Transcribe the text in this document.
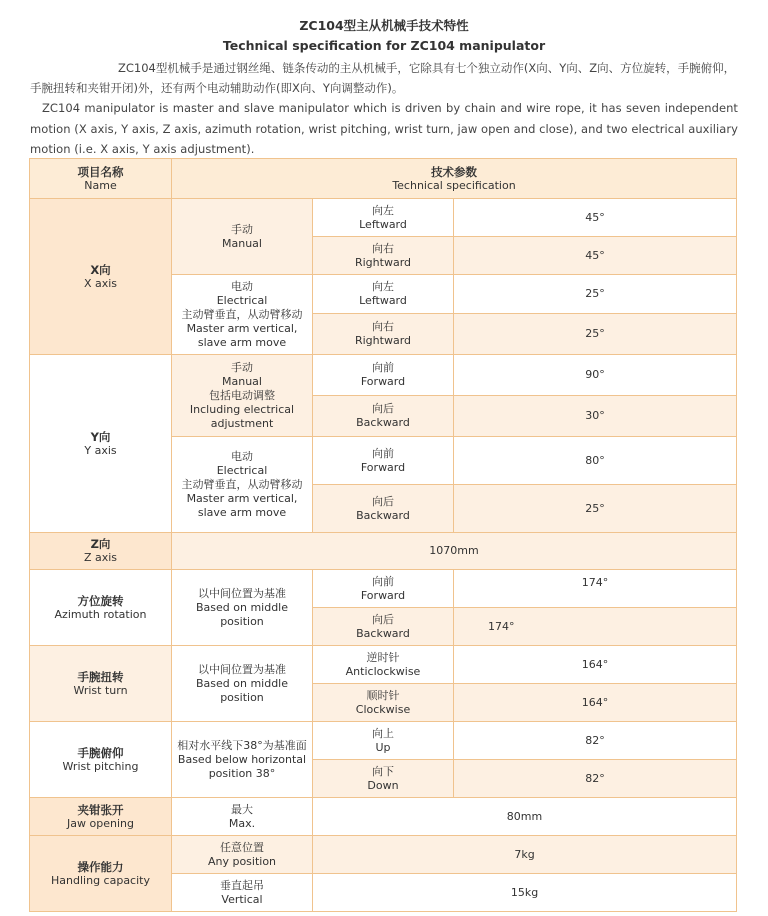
ZC104型主从机械手技术特性
Technical specification for ZC104 manipulator
ZC104型机械手是通过钢丝绳、链条传动的主从机械手，它除具有七个独立动作(X向、Y向、Z向、方位旋转，手腕俯仰，手腕扭转和夹钳开闭)外，还有两个电动辅助动作(即X向、Y向调整动作)。
ZC104 manipulator is master and slave manipulator which is driven by chain and wire rope, it has seven independent motion (X axis, Y axis, Z axis, azimuth rotation, wrist pitching, wrist turn, jaw open and close), and two electrical auxiliary motion (i.e. X axis, Y axis adjustment).
项目名称
Name	技术参数
Technical specification		

X向
X axis	手动
Manual	向左
Leftward	45°

		向右
Rightward	45°

	电动
Electrical
主动臂垂直，从动臂移动
Master arm vertical, slave arm move	向左
Leftward	25°

		向右
Rightward	25°

Y向
Y axis	手动
Manual
包括电动调整
Including electrical adjustment	向前
Forward	90°

		向后
Backward	30°

	电动
Electrical
主动臂垂直，从动臂移动
Master arm vertical, slave arm move	向前
Forward	80°

		向后
Backward	25°

Z向
Z axis	1070mm		

方位旋转
Azimuth rotation	以中间位置为基准
Based on middle position	向前
Forward	174°

		向后
Backward	174°

手腕扭转
Wrist turn	以中间位置为基准
Based on middle position	逆时针
Anticlockwise	164°

		顺时针
Clockwise	164°

手腕俯仰
Wrist pitching	相对水平线下38°为基准面
Based below horizontal position 38°	向上
Up	82°

		向下
Down	82°

夹钳张开
Jaw opening	最大
Max.	80mm	

操作能力
Handling capacity	任意位置
Any position	7kg	

	垂直起吊
Vertical	15kg	
